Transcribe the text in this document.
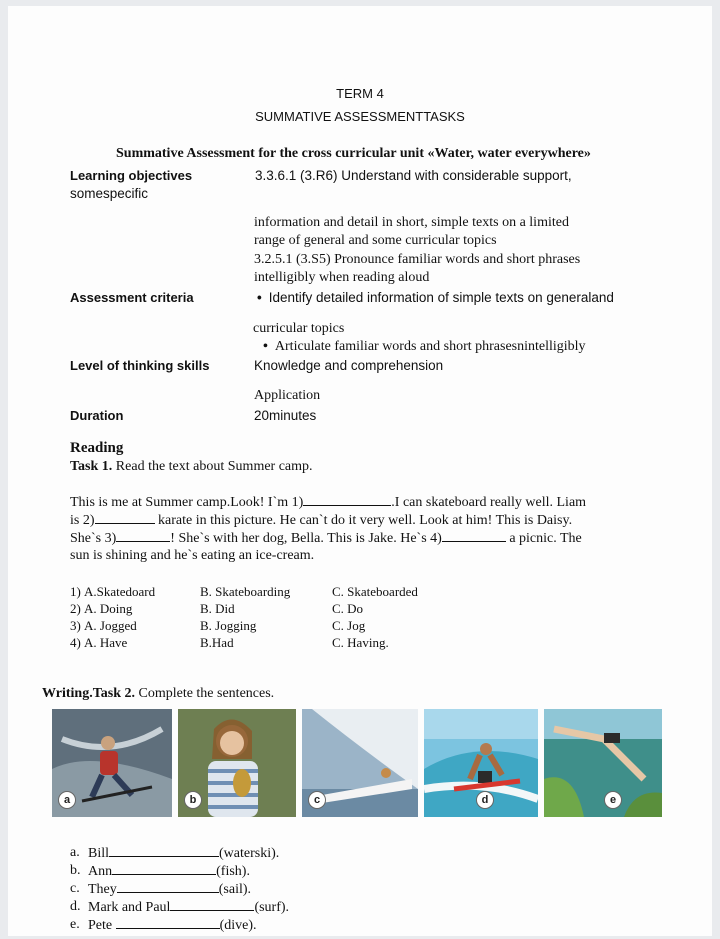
TERM 4
SUMMATIVE ASSESSMENTTASKS
Summative Assessment for the cross curricular unit «Water, water everywhere»
Learning objectives
somespecific
3.3.6.1 (3.R6) Understand with considerable support,
information and detail in short, simple texts on a limited
range of general and some curricular topics
3.2.5.1 (3.S5) Pronounce familiar words and short phrases
intelligibly when reading aloud
Assessment criteria
•	Identify detailed information of simple texts on generaland
curricular topics
• Articulate familiar words and short phrasesnintelligibly
Level of thinking skills	Knowledge and comprehension
Application
Duration	20minutes
Reading
Task 1. Read the text about Summer camp.
This is me at Summer camp.Look! I`m 1)	.I can skateboard really well. Liam
is 2)	karate in this picture. He can`t do it very well. Look at him! This is Daisy.
She`s 3)	! She`s with her dog, Bella. This is Jake. He`s 4)	a picnic. The
sun is shining and he`s eating an ice-cream.
1) A.Skatedoard	B. Skateboarding	C. Skateboarded
2) A. Doing	B. Did	C. Do
3) A. Jogged	B. Jogging	C. Jog
4) A. Have	B.Had	C. Having.
Writing.Task 2. Complete the sentences.
a	b	c	d	e
a. Bill	(waterski).
b. Ann	(fish).
c. They	(sail).
d. Mark and Paul	(surf).
e. Pete	(dive).
